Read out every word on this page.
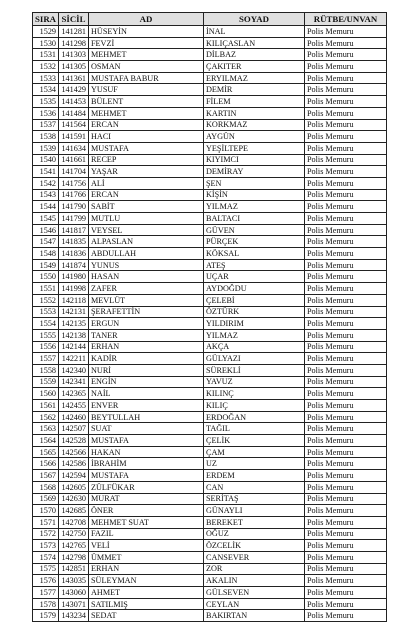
SIRA	SİCİL	AD	SOYAD	RÜTBE/UNVAN
1529	141281	HÜSEYİN	İNAL	Polis Memuru
1530	141298	FEVZİ	KILIÇASLAN	Polis Memuru
1531	141303	MEHMET	DİLBAZ	Polis Memuru
1532	141305	OSMAN	ÇAKITER	Polis Memuru
1533	141361	MUSTAFA BABUR	ERYILMAZ	Polis Memuru
1534	141429	YUSUF	DEMİR	Polis Memuru
1535	141453	BÜLENT	FİLEM	Polis Memuru
1536	141484	MEHMET	KARTIN	Polis Memuru
1537	141564	ERCAN	KORKMAZ	Polis Memuru
1538	141591	HACI	AYGÜN	Polis Memuru
1539	141634	MUSTAFA	YEŞİLTEPE	Polis Memuru
1540	141661	RECEP	KIYIMCI	Polis Memuru
1541	141704	YAŞAR	DEMİRAY	Polis Memuru
1542	141756	ALİ	ŞEN	Polis Memuru
1543	141766	ERCAN	KİŞİN	Polis Memuru
1544	141790	SABİT	YILMAZ	Polis Memuru
1545	141799	MUTLU	BALTACI	Polis Memuru
1546	141817	VEYSEL	GÜVEN	Polis Memuru
1547	141835	ALPASLAN	PÜRÇEK	Polis Memuru
1548	141836	ABDULLAH	KÖKSAL	Polis Memuru
1549	141874	YUNUS	ATEŞ	Polis Memuru
1550	141980	HASAN	UÇAR	Polis Memuru
1551	141998	ZAFER	AYDOĞDU	Polis Memuru
1552	142118	MEVLÜT	ÇELEBİ	Polis Memuru
1553	142131	ŞERAFETTİN	ÖZTÜRK	Polis Memuru
1554	142135	ERGUN	YILDIRIM	Polis Memuru
1555	142138	TANER	YILMAZ	Polis Memuru
1556	142144	ERHAN	AKÇA	Polis Memuru
1557	142211	KADİR	GÜLYAZI	Polis Memuru
1558	142340	NURİ	SÜREKLİ	Polis Memuru
1559	142341	ENGİN	YAVUZ	Polis Memuru
1560	142365	NAİL	KILINÇ	Polis Memuru
1561	142455	ENVER	KILIÇ	Polis Memuru
1562	142460	BEYTULLAH	ERDOĞAN	Polis Memuru
1563	142507	SUAT	TAĞIL	Polis Memuru
1564	142528	MUSTAFA	ÇELİK	Polis Memuru
1565	142566	HAKAN	ÇAM	Polis Memuru
1566	142586	İBRAHİM	UZ	Polis Memuru
1567	142594	MUSTAFA	ERDEM	Polis Memuru
1568	142605	ZÜLFÜKAR	CAN	Polis Memuru
1569	142630	MURAT	SERİTAŞ	Polis Memuru
1570	142685	ÖNER	GÜNAYLI	Polis Memuru
1571	142708	MEHMET SUAT	BEREKET	Polis Memuru
1572	142750	FAZIL	OĞUZ	Polis Memuru
1573	142765	VELİ	ÖZCELİK	Polis Memuru
1574	142798	ÜMMET	CANSEVER	Polis Memuru
1575	142851	ERHAN	ZOR	Polis Memuru
1576	143035	SÜLEYMAN	AKALIN	Polis Memuru
1577	143060	AHMET	GÜLSEVEN	Polis Memuru
1578	143071	SATILMIŞ	CEYLAN	Polis Memuru
1579	143234	SEDAT	BAKIRTAN	Polis Memuru
